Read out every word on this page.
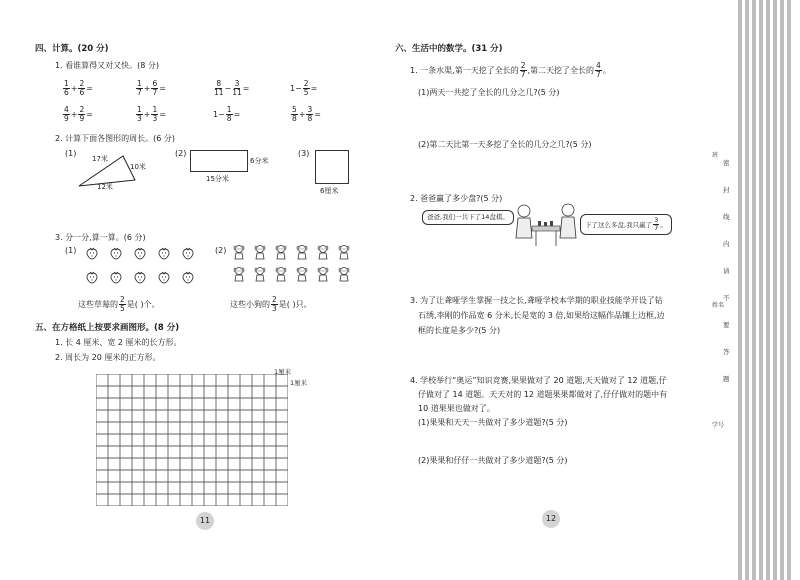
四、计算。(20 分)
1. 看谁算得又对又快。(8 分)
$\frac{1}{6} + \frac{2}{6}$ =	$\frac{1}{7} + \frac{6}{7}$ =	$\frac{8}{11} - \frac{3}{11}$ =	$1- \frac{2}{5}$ =
$\frac{4}{9} + \frac{2}{9}$ =	$\frac{1}{3} + \frac{1}{3}$ =	$1- \frac{1}{8}$ =	$\frac{5}{8} + \frac{3}{8}$ =
2. 计算下面各图形的周长。(6 分)
(1)
17米
10米
12米
(2)
6分米
15分米
(3)
6厘米
3. 分一分,算一算。(6 分)
(1)	(2)
这些草莓的 $\frac{2}{5}$ 是( )个。	这些小狗的 $\frac{2}{3}$ 是( )只。
五、在方格纸上按要求画图形。(8 分)
1. 长 4 厘米、宽 2 厘米的长方形。
2. 周长为 20 厘米的正方形。
1厘米
1厘米
11
六、生活中的数学。(31 分)
1. 一条水渠,第一天挖了全长的 $\frac{2}{7}$ ,第二天挖了全长的 $\frac{4}{7}$ 。
(1)两天一共挖了全长的几分之几?(5 分)
(2)第二天比第一天多挖了全长的几分之几?(5 分)
2. 爸爸赢了多少盘?(5 分)
爸爸,我们一共下了14盘棋。
下了这么多盘,我只赢了 $\frac{3}{7}$ 。
3. 为了让聋哑学生掌握一技之长,聋哑学校本学期的职业技能学开设了钻
石绣,李刚的作品宽 6 分米,长是宽的 3 倍,如果给这幅作品镶上边框,边
框的长度是多少?(5 分)
4. 学校举行“奥运”知识竞赛,果果做对了 20 道题,天天做对了 12 道题,仔
仔做对了 14 道题。天天对的 12 道题果果都做对了,仔仔做对的题中有
10 道果果也做对了。
(1)果果和天天一共做对了多少道题?(5 分)
(2)果果和仔仔一共做对了多少道题?(5 分)
12
密
封
线
内
请
不
要
答
题
班
姓名
学号
